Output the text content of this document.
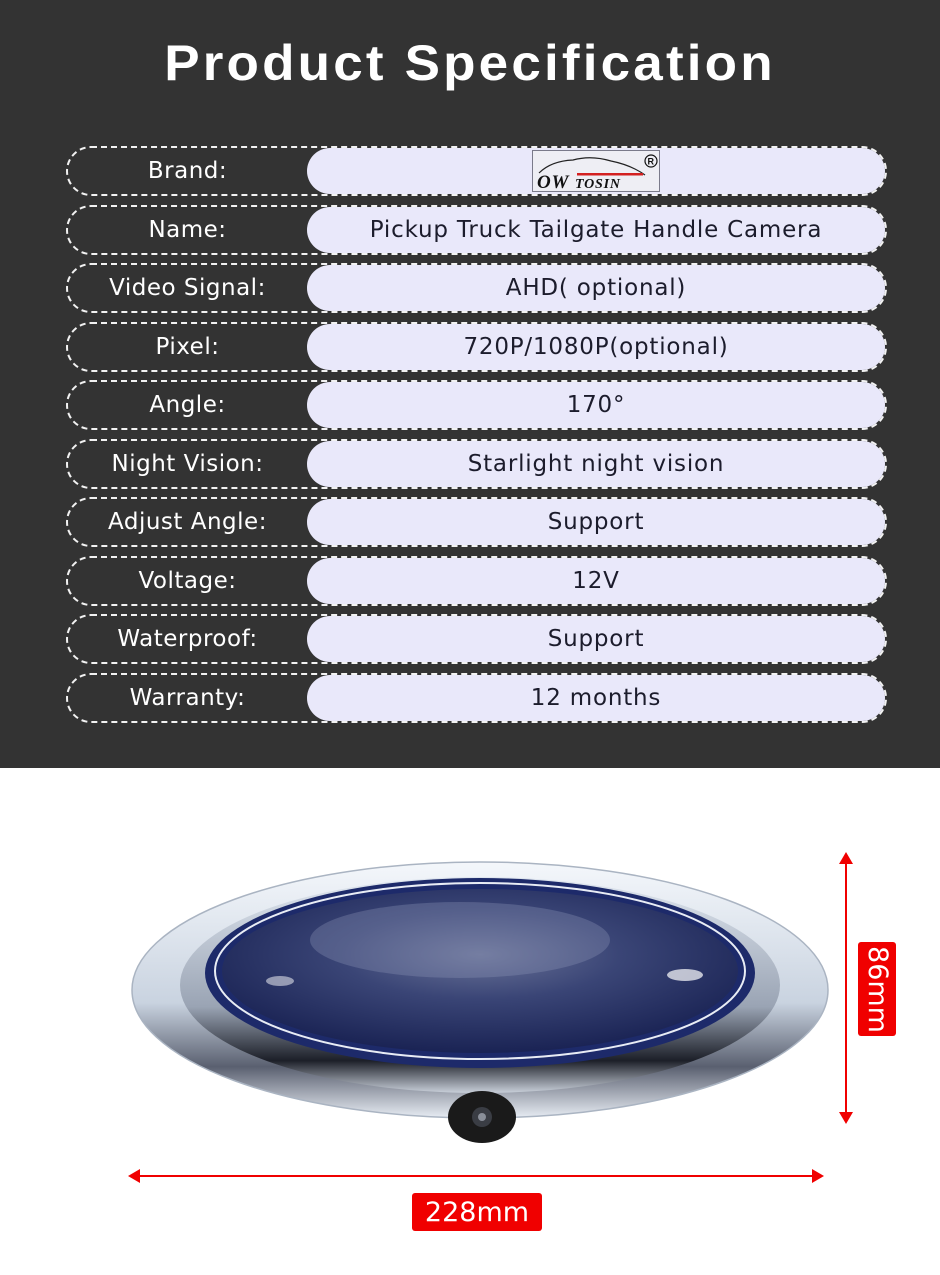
Product Specification
Brand:	OW TOSIN
R
Name:	Pickup Truck Tailgate Handle Camera
Video Signal:	AHD( optional)
Pixel:	720P/1080P(optional)
Angle:	170°
Night Vision:	Starlight night vision
Adjust Angle:	Support
Voltage:	12V
Waterproof:	Support
Warranty:	12 months
86mm
228mm
